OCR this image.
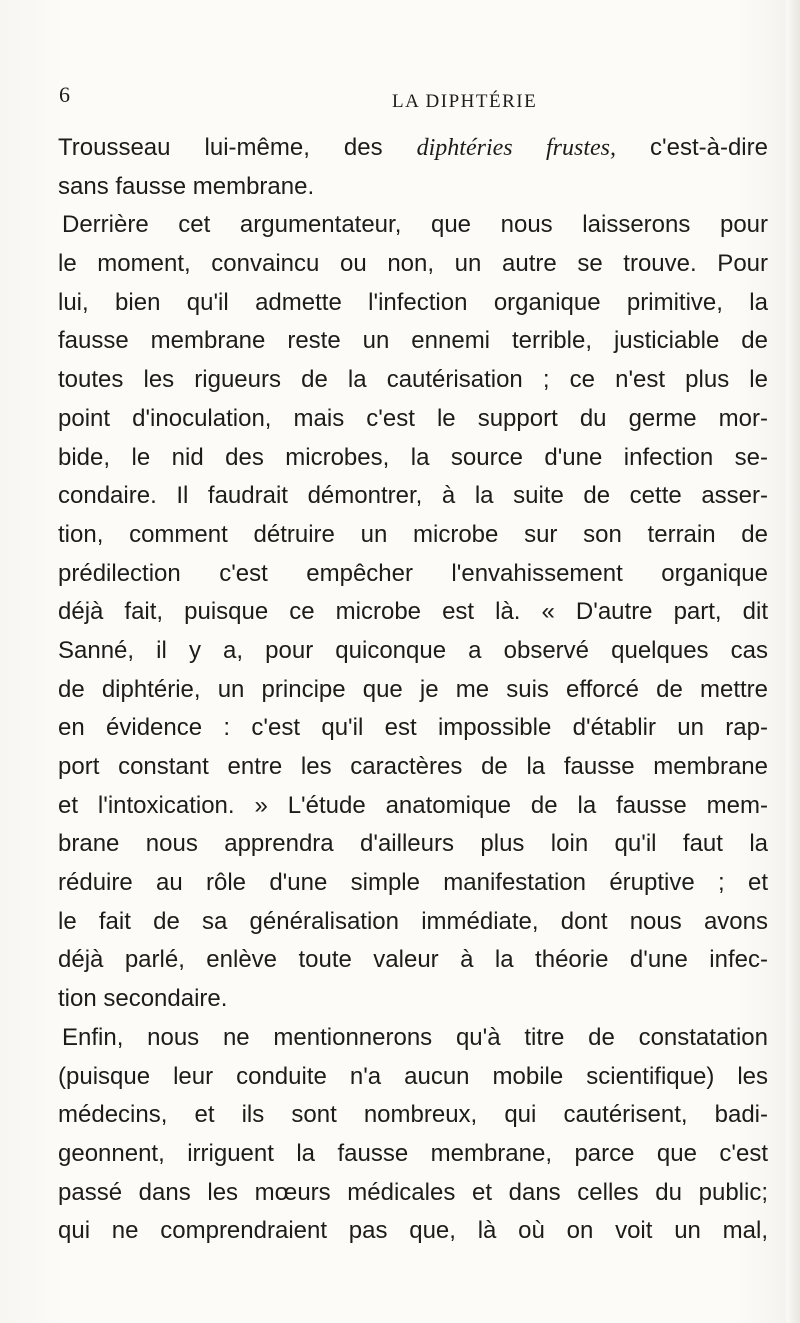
6	LA DIPHTÉRIE
Trousseau lui-même, des diphtéries frustes, c'est-à-dire
sans fausse membrane.
Derrière cet argumentateur, que nous laisserons pour
le moment, convaincu ou non, un autre se trouve. Pour
lui, bien qu'il admette l'infection organique primitive, la
fausse membrane reste un ennemi terrible, justiciable de
toutes les rigueurs de la cautérisation ; ce n'est plus le
point d'inoculation, mais c'est le support du germe mor-
bide, le nid des microbes, la source d'une infection se-
condaire. Il faudrait démontrer, à la suite de cette asser-
tion, comment détruire un microbe sur son terrain de
prédilection c'est empêcher l'envahissement organique
déjà fait, puisque ce microbe est là. « D'autre part, dit
Sanné, il y a, pour quiconque a observé quelques cas
de diphtérie, un principe que je me suis efforcé de mettre
en évidence : c'est qu'il est impossible d'établir un rap-
port constant entre les caractères de la fausse membrane
et l'intoxication. » L'étude anatomique de la fausse mem-
brane nous apprendra d'ailleurs plus loin qu'il faut la
réduire au rôle d'une simple manifestation éruptive ; et
le fait de sa généralisation immédiate, dont nous avons
déjà parlé, enlève toute valeur à la théorie d'une infec-
tion secondaire.
Enfin, nous ne mentionnerons qu'à titre de constatation
(puisque leur conduite n'a aucun mobile scientifique) les
médecins, et ils sont nombreux, qui cautérisent, badi-
geonnent, irriguent la fausse membrane, parce que c'est
passé dans les mœurs médicales et dans celles du public;
qui ne comprendraient pas que, là où on voit un mal,
